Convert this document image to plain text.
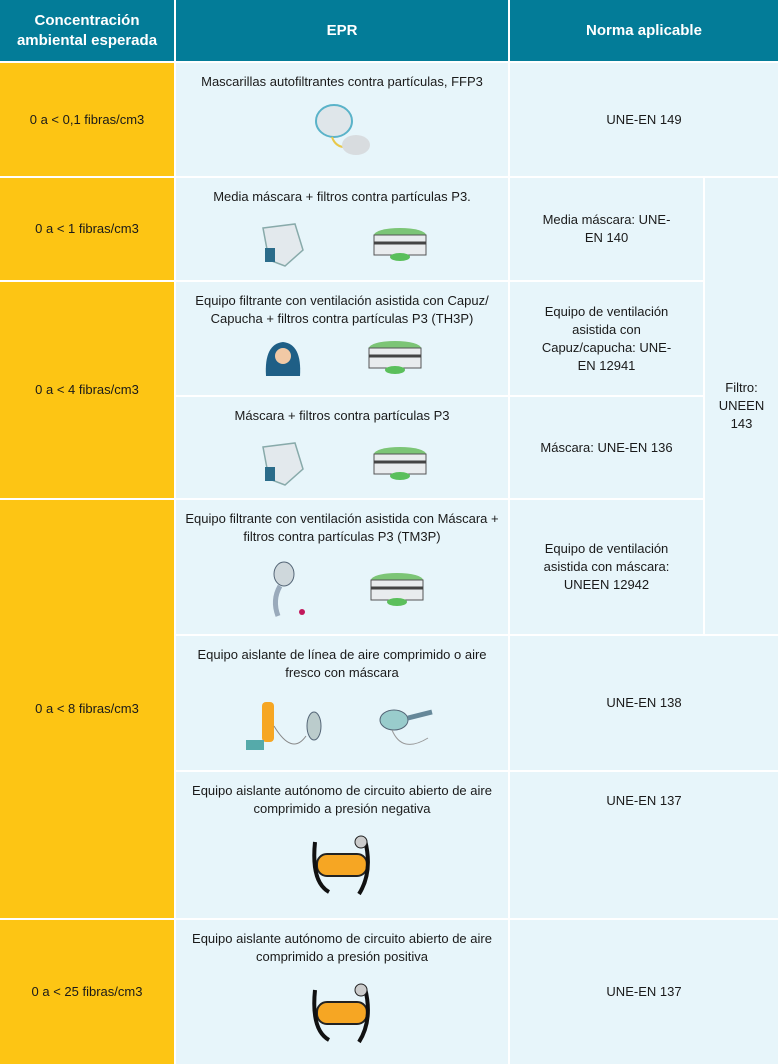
Concentración ambiental esperada
EPR	Norma aplicable
0 a < 0,1 fibras/cm3
0 a < 1 fibras/cm3
0 a < 4 fibras/cm3
0 a < 8 fibras/cm3
0 a < 25 fibras/cm3
Mascarillas autofiltrantes contra partículas, FFP3
Media máscara + filtros contra partículas P3.
Equipo filtrante con ventilación asistida con Capuz/ Capucha + filtros contra partículas P3 (TH3P)
Máscara + filtros contra partículas P3
Equipo filtrante con ventilación asistida con Máscara + filtros contra partículas P3 (TM3P)
Equipo aislante de línea de aire comprimido o aire fresco con máscara
Equipo aislante autónomo de circuito abierto de aire comprimido a presión negativa
Equipo aislante autónomo de circuito abierto de aire comprimido a presión positiva
UNE-EN 149
Media máscara: UNE-EN 140
Equipo de ventilación asistida con Capuz/capucha: UNE-EN 12941
Máscara: UNE-EN 136
Equipo de ventilación asistida con máscara: UNEEN 12942
Filtro: UNEEN 143
UNE-EN 138
UNE-EN 137
UNE-EN 137
